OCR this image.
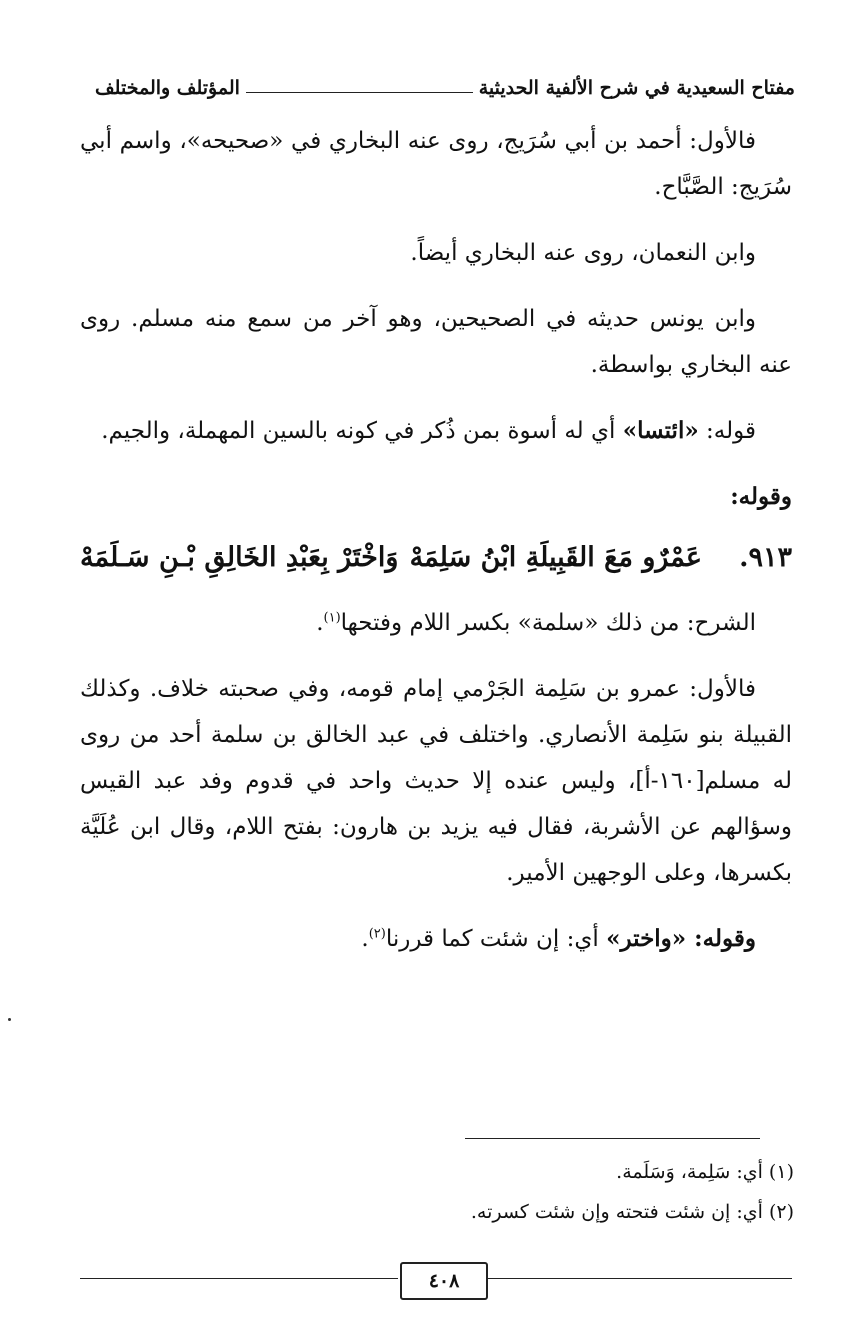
مفتاح السعيدية في شرح الألفية الحديثية
المؤتلف والمختلف

فالأول: أحمد بن أبي سُرَيج، روى عنه البخاري في «صحيحه»، واسم أبي سُرَيج: الصَّبَّاح.

وابن النعمان، روى عنه البخاري أيضاً.

وابن يونس حديثه في الصحيحين، وهو آخر من سمع منه مسلم. روى عنه البخاري بواسطة.

قوله: «ائتسا» أي له أسوة بمن ذُكر في كونه بالسين المهملة، والجيم.

وقوله:

٩١٣.
عَمْرٌو مَعَ القَبِيلَةِ ابْنُ سَلِمَهْ
وَاخْتَرْ بِعَبْدِ الخَالِقِ بْـنِ سَـلَمَهْ

الشرح: من ذلك «سلمة» بكسر اللام وفتحها$^{(١)}$.

فالأول: عمرو بن سَلِمة الجَرْمي إمام قومه، وفي صحبته خلاف. وكذلك القبيلة بنو سَلِمة الأنصاري. واختلف في عبد الخالق بن سلمة أحد من روى له مسلم[١٦٠-أ]، وليس عنده إلا حديث واحد في قدوم وفد عبد القيس وسؤالهم عن الأشربة، فقال فيه يزيد بن هارون: بفتح اللام، وقال ابن عُلَيَّة بكسرها، وعلى الوجهين الأمير.

وقوله: «واختر» أي: إن شئت كما قررنا$^{(٢)}$.

(١) أي: سَلِمة، وَسَلَمة.

(٢) أي: إن شئت فتحته وإن شئت كسرته.

٤٠٨
